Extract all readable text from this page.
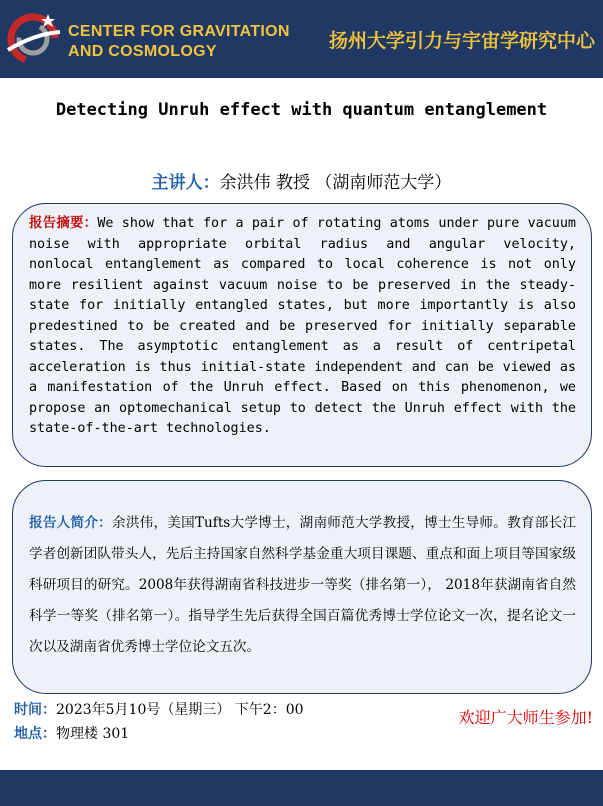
CENTER FOR GRAVITATION
AND COSMOLOGY	扬州大学引力与宇宙学研究中心
Detecting Unruh effect with quantum entanglement
主讲人：余洪伟 教授 （湖南师范大学）
报告摘要：We show that for a pair of rotating atoms under pure vacuum noise with appropriate orbital radius and angular velocity, nonlocal entanglement as compared to local coherence is not only more resilient against vacuum noise to be preserved in the steady-state for initially entangled states, but more importantly is also predestined to be created and be preserved for initially separable states. The asymptotic entanglement as a result of centripetal acceleration is thus initial-state independent and can be viewed as a manifestation of the Unruh effect. Based on this phenomenon, we propose an optomechanical setup to detect the Unruh effect with the state-of-the-art technologies.
报告人简介：余洪伟，美国Tufts大学博士，湖南师范大学教授，博士生导师。教育部长江学者创新团队带头人，先后主持国家自然科学基金重大项目课题、重点和面上项目等国家级科研项目的研究。2008年获得湖南省科技进步一等奖（排名第一）， 2018年获湖南省自然科学一等奖（排名第一）。指导学生先后获得全国百篇优秀博士学位论文一次，提名论文一次以及湖南省优秀博士学位论文五次。
时间：2023年5月10号（星期三） 下午2：00
地点：物理楼 301
欢迎广大师生参加!
